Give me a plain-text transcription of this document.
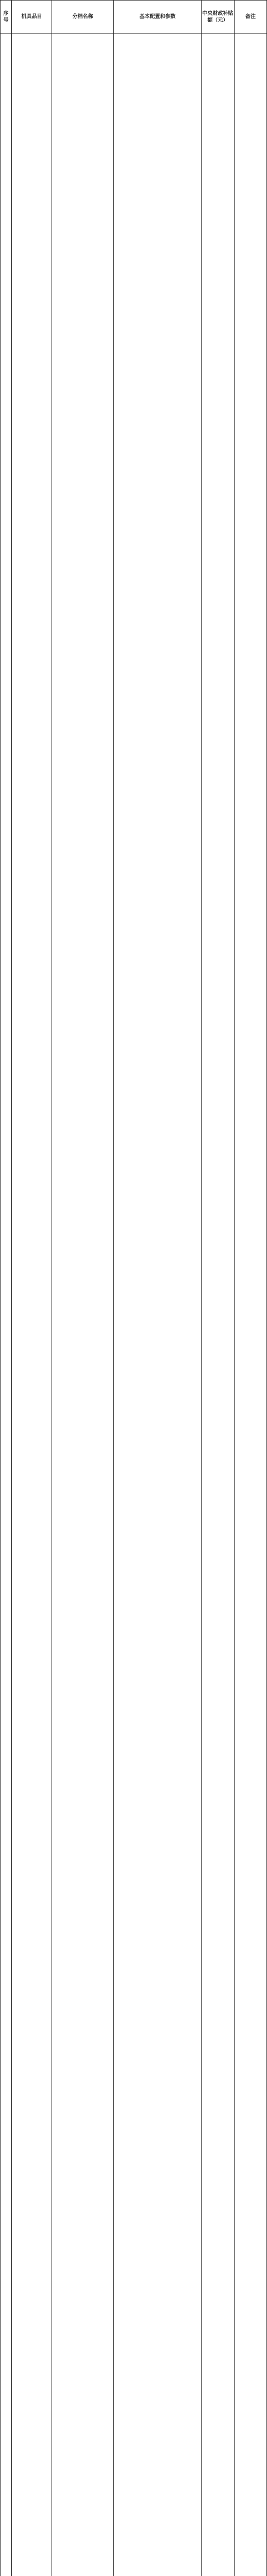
序号
机具品目	分档名称	基本配置和参数
中央财政补贴额（元）
备注
